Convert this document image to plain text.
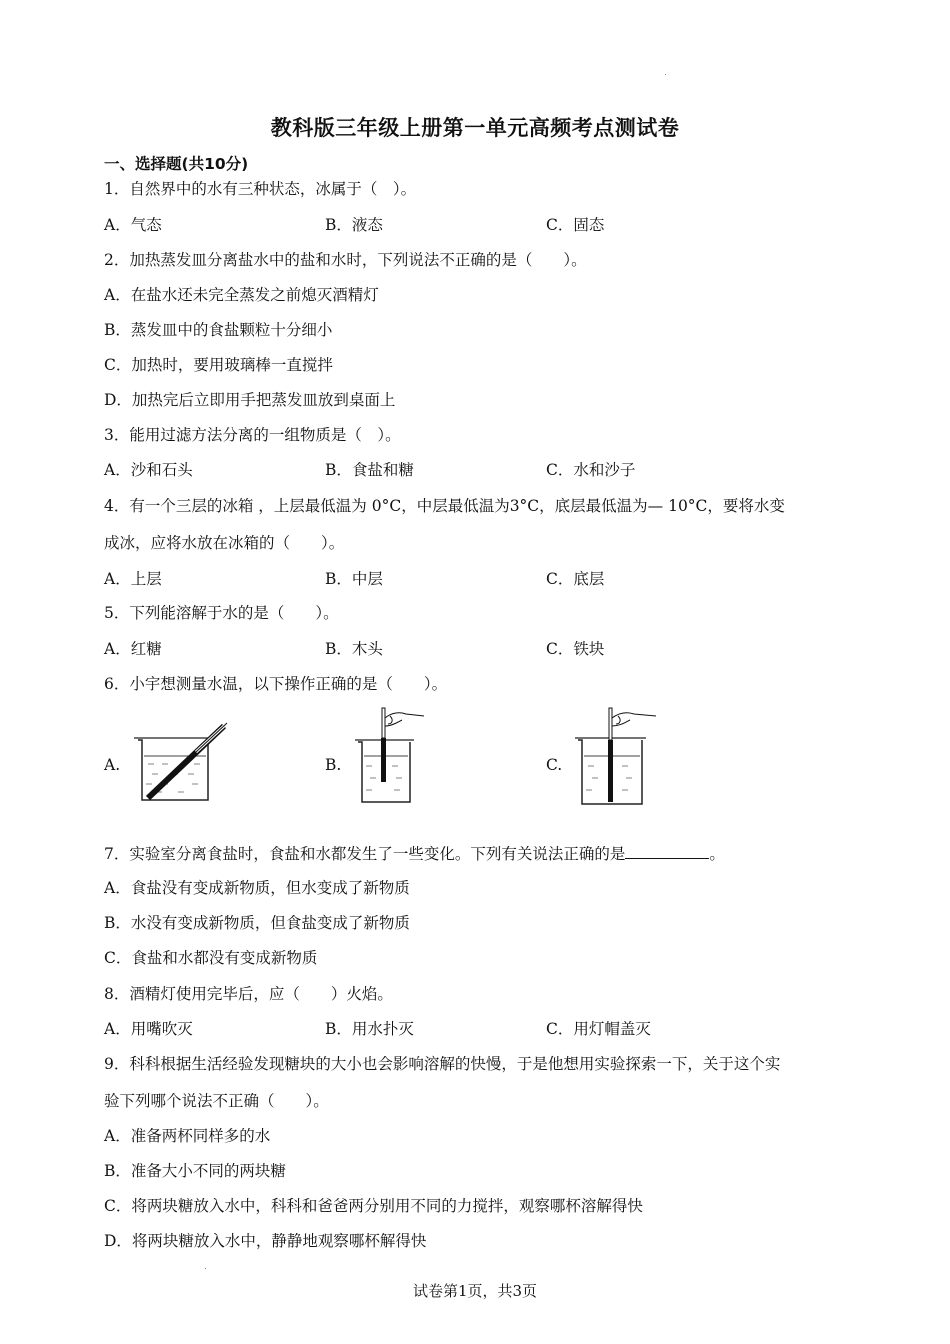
教科版三年级上册第一单元高频考点测试卷
一、选择题(共10分)
1．自然界中的水有三种状态，冰属于（　）。
A．气态	B．液态	C．固态
2．加热蒸发皿分离盐水中的盐和水时，下列说法不正确的是（　　）。
A．在盐水还未完全蒸发之前熄灭酒精灯
B．蒸发皿中的食盐颗粒十分细小
C．加热时，要用玻璃棒一直搅拌
D．加热完后立即用手把蒸发皿放到桌面上
3．能用过滤方法分离的一组物质是（　）。
A．沙和石头	B．食盐和糖	C．水和沙子
4．有一个三层的冰箱 ，上层最低温为 0°C，中层最低温为3°C，底层最低温为— 10°C，要将水变
成冰，应将水放在冰箱的（　　）。
A．上层	B．中层	C．底层
5．下列能溶解于水的是（　　）。
A．红糖	B．木头	C．铁块
6．小宇想测量水温，以下操作正确的是（　　）。
A.	B.	C.
7．实验室分离食盐时，食盐和水都发生了一些变化。下列有关说法正确的是	。
A．食盐没有变成新物质，但水变成了新物质
B．水没有变成新物质，但食盐变成了新物质
C．食盐和水都没有变成新物质
8．酒精灯使用完毕后，应（　　）火焰。
A．用嘴吹灭	B．用水扑灭	C．用灯帽盖灭
9．科科根据生活经验发现糖块的大小也会影响溶解的快慢，于是他想用实验探索一下，关于这个实
验下列哪个说法不正确（　　）。
A．准备两杯同样多的水
B．准备大小不同的两块糖
C．将两块糖放入水中，科科和爸爸两分别用不同的力搅拌，观察哪杯溶解得快
D．将两块糖放入水中，静静地观察哪杯解得快
试卷第1页，共3页
